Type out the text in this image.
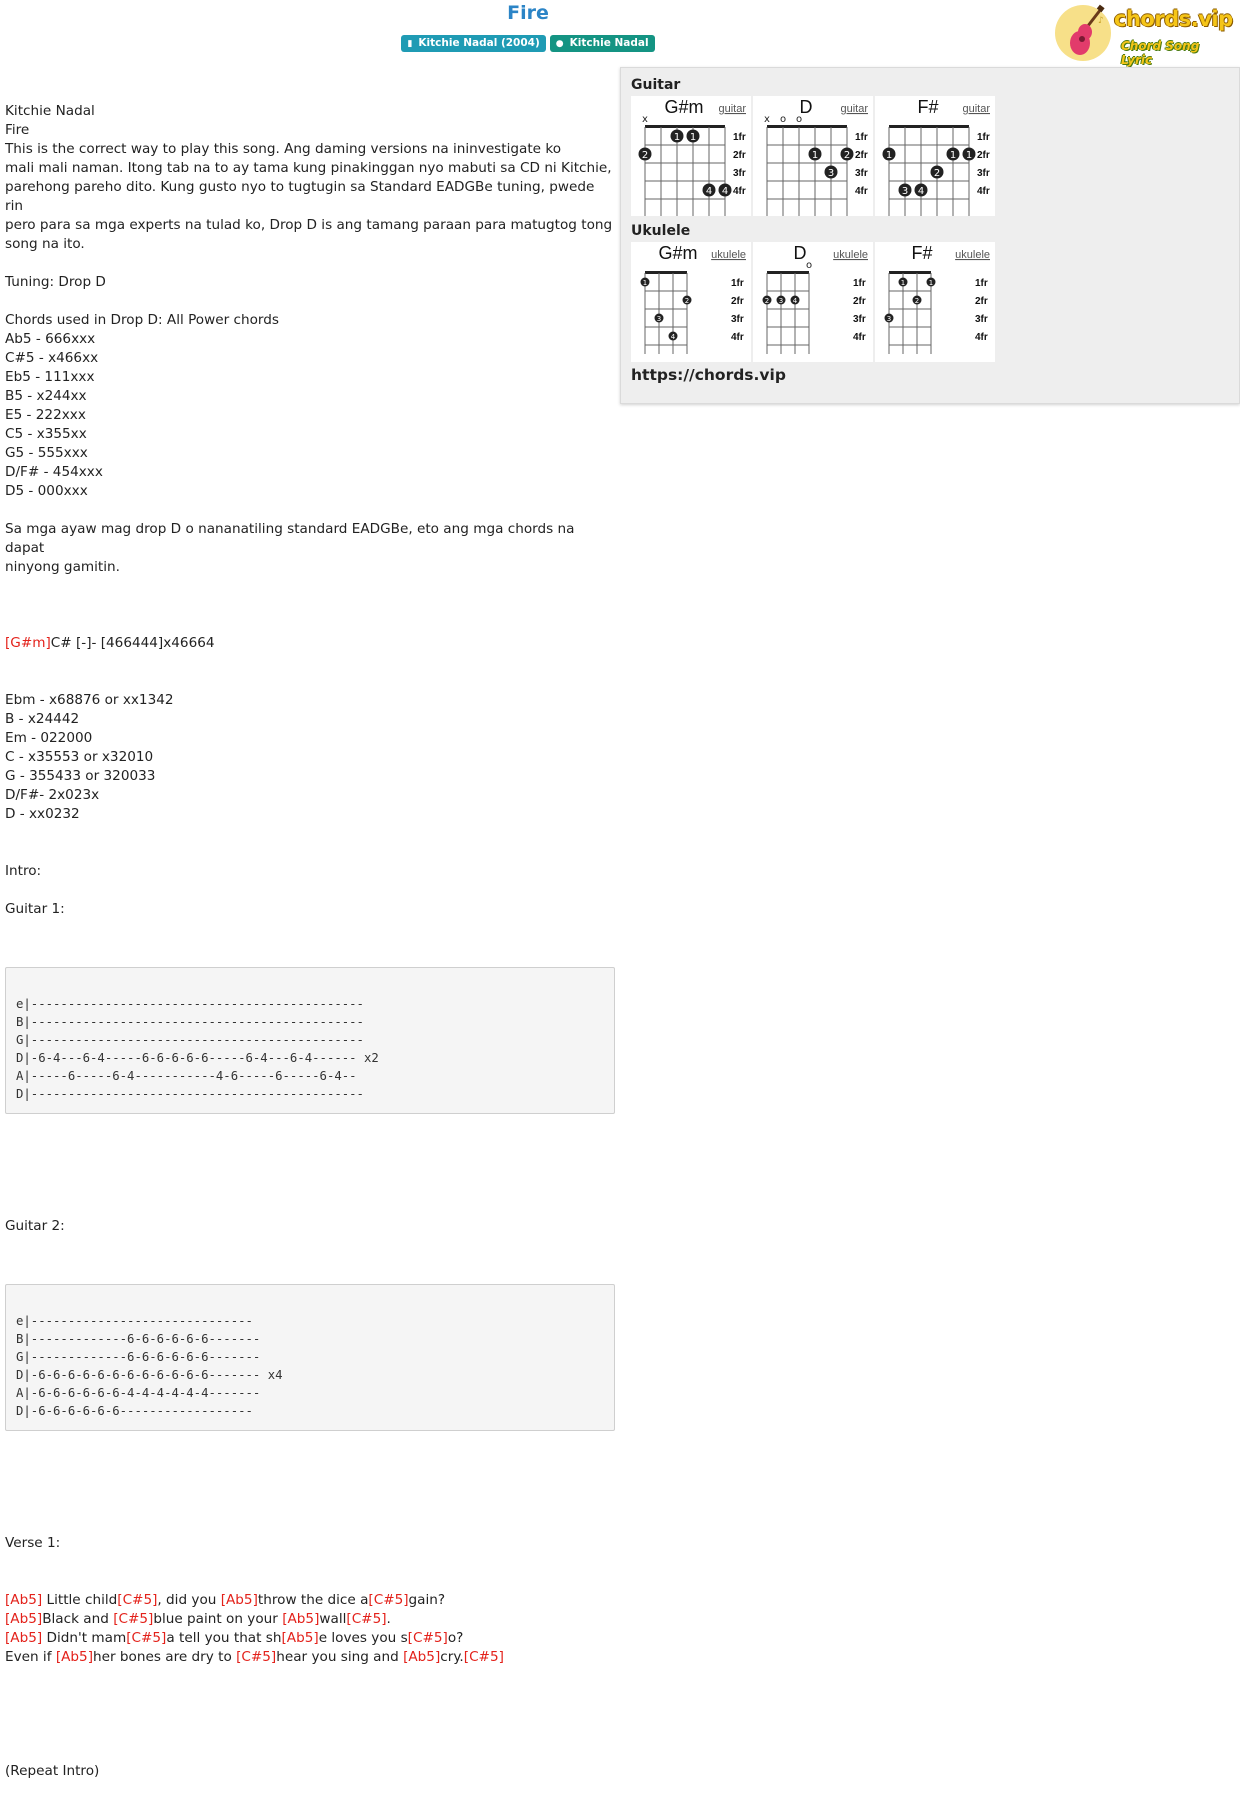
Fire
▮ Kitchie Nadal (2004) ● Kitchie Nadal
♪ chords.vip
Chord Song Lyric

Kitchie Nadal
Fire
This is the correct way to play this song. Ang daming versions na ininvestigate ko
mali mali naman. Itong tab na to ay tama kung pinakinggan nyo mabuti sa CD ni Kitchie,
parehong pareho dito. Kung gusto nyo to tugtugin sa Standard EADGBe tuning, pwede rin
pero para sa mga experts na tulad ko, Drop D is ang tamang paraan para matugtog tong
song na ito.
Tuning: Drop D
Chords used in Drop D: All Power chords
Ab5 - 666xxx
C#5 - x466xx
Eb5 - 111xxx
B5 - x244xx
E5 - 222xxx
C5 - x355xx
G5 - 555xxx
D/F# - 454xxx
D5 - 000xxx
Sa mga ayaw mag drop D o nananatiling standard EADGBe, eto ang mga chords na dapat
ninyong gamitin.

[G#m]C# [-]- [466444]x46664

Ebm - x68876 or xx1342
B - x24442
Em - 022000
C - x35553 or x32010
G - 355433 or 320033
D/F#- 2x023x
D - xx0232
Intro:
Guitar 1:

e|---------------------------------------------
B|---------------------------------------------
G|---------------------------------------------
D|-6-4---6-4-----6-6-6-6-6-----6-4---6-4------ x2
A|-----6-----6-4-----------4-6-----6-----6-4--
D|---------------------------------------------

Guitar 2:

e|------------------------------
B|-------------6-6-6-6-6-6-------
G|-------------6-6-6-6-6-6-------
D|-6-6-6-6-6-6-6-6-6-6-6-6------- x4
A|-6-6-6-6-6-6-4-4-4-4-4-4-------
D|-6-6-6-6-6-6------------------

Verse 1:

[Ab5] Little child[C#5], did you [Ab5]throw the dice a[C#5]gain?
[Ab5]Black and [C#5]blue paint on your [Ab5]wall[C#5].
[Ab5] Didn't mam[C#5]a tell you that sh[Ab5]e loves you s[C#5]o?
Even if [Ab5]her bones are dry to [C#5]hear you sing and [Ab5]cry.[C#5]

(Repeat Intro)

Guitar
G#m guitar
x
1 1
2
4 4
1fr
2fr
3fr
4fr
D	guitar
x o o
1	2
3
1fr
2fr
3fr
4fr
F# guitar
1	1 1
2
3 4
1fr
2fr
3fr
4fr
Ukulele
G#m ukulele
1
2
3
4
1fr
2fr
3fr
4fr
D ukulele
o
2 3 4
1fr
2fr
3fr
4fr
F# ukulele
1	1
2
3
1fr
2fr
3fr
4fr
https://chords.vip
